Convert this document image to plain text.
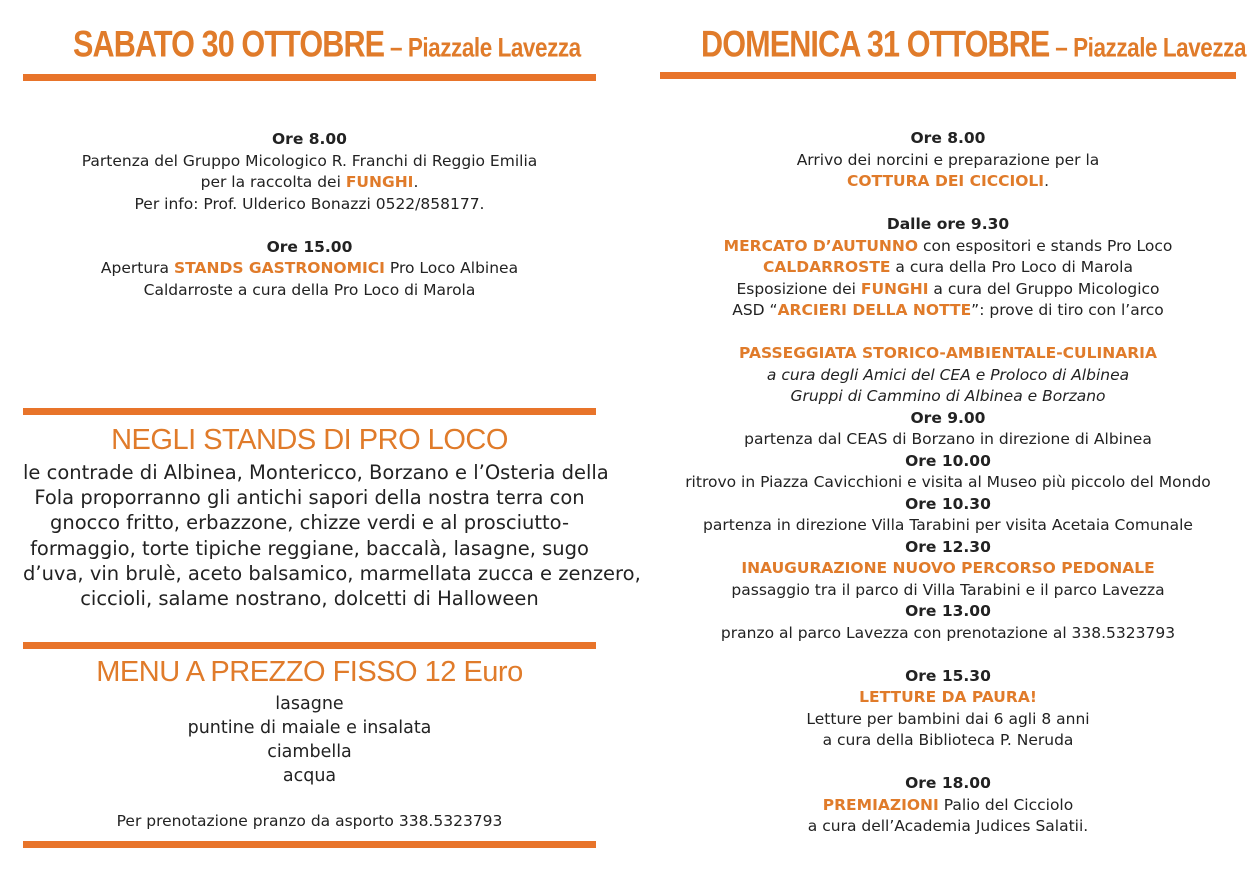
SABATO 30 OTTOBRE – Piazzale Lavezza
Ore 8.00
Partenza del Gruppo Micologico R. Franchi di Reggio Emilia
per la raccolta dei FUNGHI.
Per info: Prof. Ulderico Bonazzi 0522/858177.

Ore 15.00
Apertura STANDS GASTRONOMICI Pro Loco Albinea
Caldarroste a cura della Pro Loco di Marola
NEGLI STANDS DI PRO LOCO
le contrade di Albinea, Montericco, Borzano e l’Osteria della
Fola proporranno gli antichi sapori della nostra terra con
gnocco fritto, erbazzone, chizze verdi e al prosciutto-
formaggio, torte tipiche reggiane, baccalà, lasagne, sugo
d’uva, vin brulè, aceto balsamico, marmellata zucca e zenzero,
ciccioli, salame nostrano, dolcetti di Halloween
MENU A PREZZO FISSO 12 Euro
lasagne
puntine di maiale e insalata
ciambella
acqua
Per prenotazione pranzo da asporto 338.5323793
DOMENICA 31 OTTOBRE – Piazzale Lavezza
Ore 8.00
Arrivo dei norcini e preparazione per la
COTTURA DEI CICCIOLI.

Dalle ore 9.30
MERCATO D’AUTUNNO con espositori e stands Pro Loco
CALDARROSTE a cura della Pro Loco di Marola
Esposizione dei FUNGHI a cura del Gruppo Micologico
ASD “ARCIERI DELLA NOTTE”: prove di tiro con l’arco

PASSEGGIATA STORICO-AMBIENTALE-CULINARIA
a cura degli Amici del CEA e Proloco di Albinea
Gruppi di Cammino di Albinea e Borzano
Ore 9.00
partenza dal CEAS di Borzano in direzione di Albinea
Ore 10.00
ritrovo in Piazza Cavicchioni e visita al Museo più piccolo del Mondo
Ore 10.30
partenza in direzione Villa Tarabini per visita Acetaia Comunale
Ore 12.30
INAUGURAZIONE NUOVO PERCORSO PEDONALE
passaggio tra il parco di Villa Tarabini e il parco Lavezza
Ore 13.00
pranzo al parco Lavezza con prenotazione al 338.5323793

Ore 15.30
LETTURE DA PAURA!
Letture per bambini dai 6 agli 8 anni
a cura della Biblioteca P. Neruda

Ore 18.00
PREMIAZIONI Palio del Cicciolo
a cura dell’Academia Judices Salatii.
